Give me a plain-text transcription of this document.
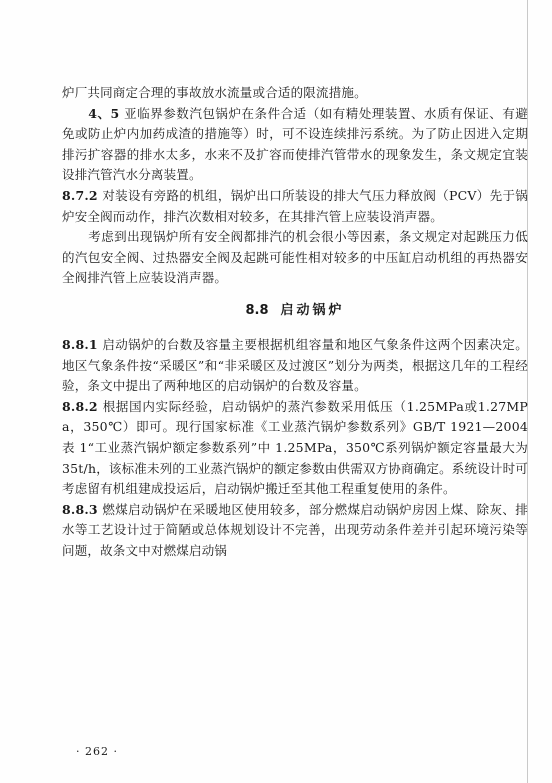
炉厂共同商定合理的事故放水流量或合适的限流措施。

4、5 亚临界参数汽包锅炉在条件合适（如有精处理装置、水质有保证、有避免或防止炉内加药成渣的措施等）时，可不设连续排污系统。为了防止因进入定期排污扩容器的排水太多，水来不及扩容而使排汽管带水的现象发生，条文规定宜装设排汽管汽水分离装置。

8.7.2 对装设有旁路的机组，锅炉出口所装设的排大气压力释放阀（PCV）先于锅炉安全阀而动作，排汽次数相对较多，在其排汽管上应装设消声器。

考虑到出现锅炉所有安全阀都排汽的机会很小等因素，条文规定对起跳压力低的汽包安全阀、过热器安全阀及起跳可能性相对较多的中压缸启动机组的再热器安全阀排汽管上应装设消声器。

8.8 启动锅炉

8.8.1 启动锅炉的台数及容量主要根据机组容量和地区气象条件这两个因素决定。地区气象条件按“采暖区”和“非采暖区及过渡区”划分为两类，根据这几年的工程经验，条文中提出了两种地区的启动锅炉的台数及容量。

8.8.2 根据国内实际经验，启动锅炉的蒸汽参数采用低压（1.25MPa或1.27MPa，350℃）即可。现行国家标准《工业蒸汽锅炉参数系列》GB/T 1921—2004 表 1“工业蒸汽锅炉额定参数系列”中 1.25MPa，350℃系列锅炉额定容量最大为 35t/h，该标准未列的工业蒸汽锅炉的额定参数由供需双方协商确定。系统设计时可考虑留有机组建成投运后，启动锅炉搬迁至其他工程重复使用的条件。

8.8.3 燃煤启动锅炉在采暖地区使用较多，部分燃煤启动锅炉房因上煤、除灰、排水等工艺设计过于简陋或总体规划设计不完善，出现劳动条件差并引起环境污染等问题，故条文中对燃煤启动锅

· 262 ·
